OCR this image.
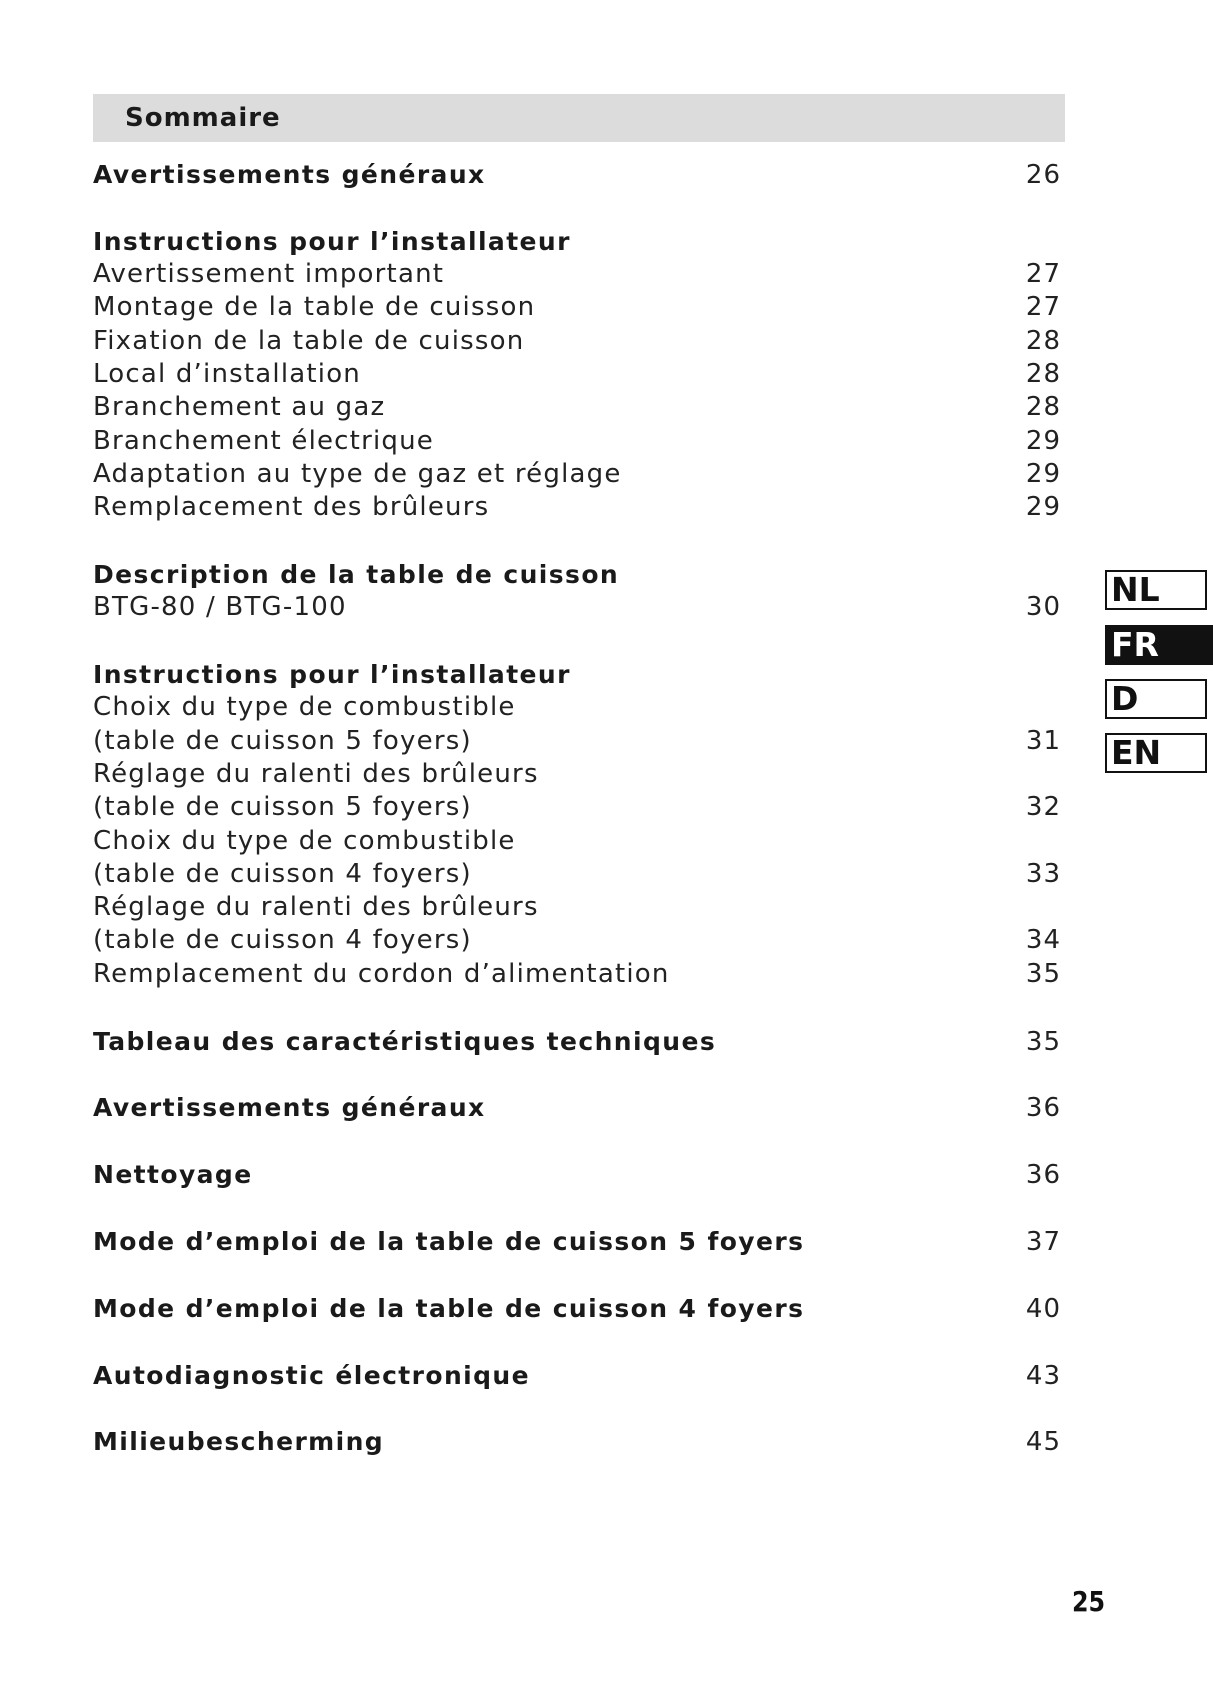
Sommaire
Avertissements généraux	26
Instructions pour l’installateur
Avertissement important	27
Montage de la table de cuisson	27
Fixation de la table de cuisson	28
Local d’installation	28
Branchement au gaz	28
Branchement électrique	29
Adaptation au type de gaz et réglage	29
Remplacement des brûleurs	29
Description de la table de cuisson
BTG-80 / BTG-100	30
Instructions pour l’installateur
Choix du type de combustible
(table de cuisson 5 foyers)	31
Réglage du ralenti des brûleurs
(table de cuisson 5 foyers)	32
Choix du type de combustible
(table de cuisson 4 foyers)	33
Réglage du ralenti des brûleurs
(table de cuisson 4 foyers)	34
Remplacement du cordon d’alimentation	35
Tableau des caractéristiques techniques	35
Avertissements généraux	36
Nettoyage	36
Mode d’emploi de la table de cuisson 5 foyers	37
Mode d’emploi de la table de cuisson 4 foyers	40
Autodiagnostic électronique	43
Milieubescherming	45
NL
FR
D
EN
25
